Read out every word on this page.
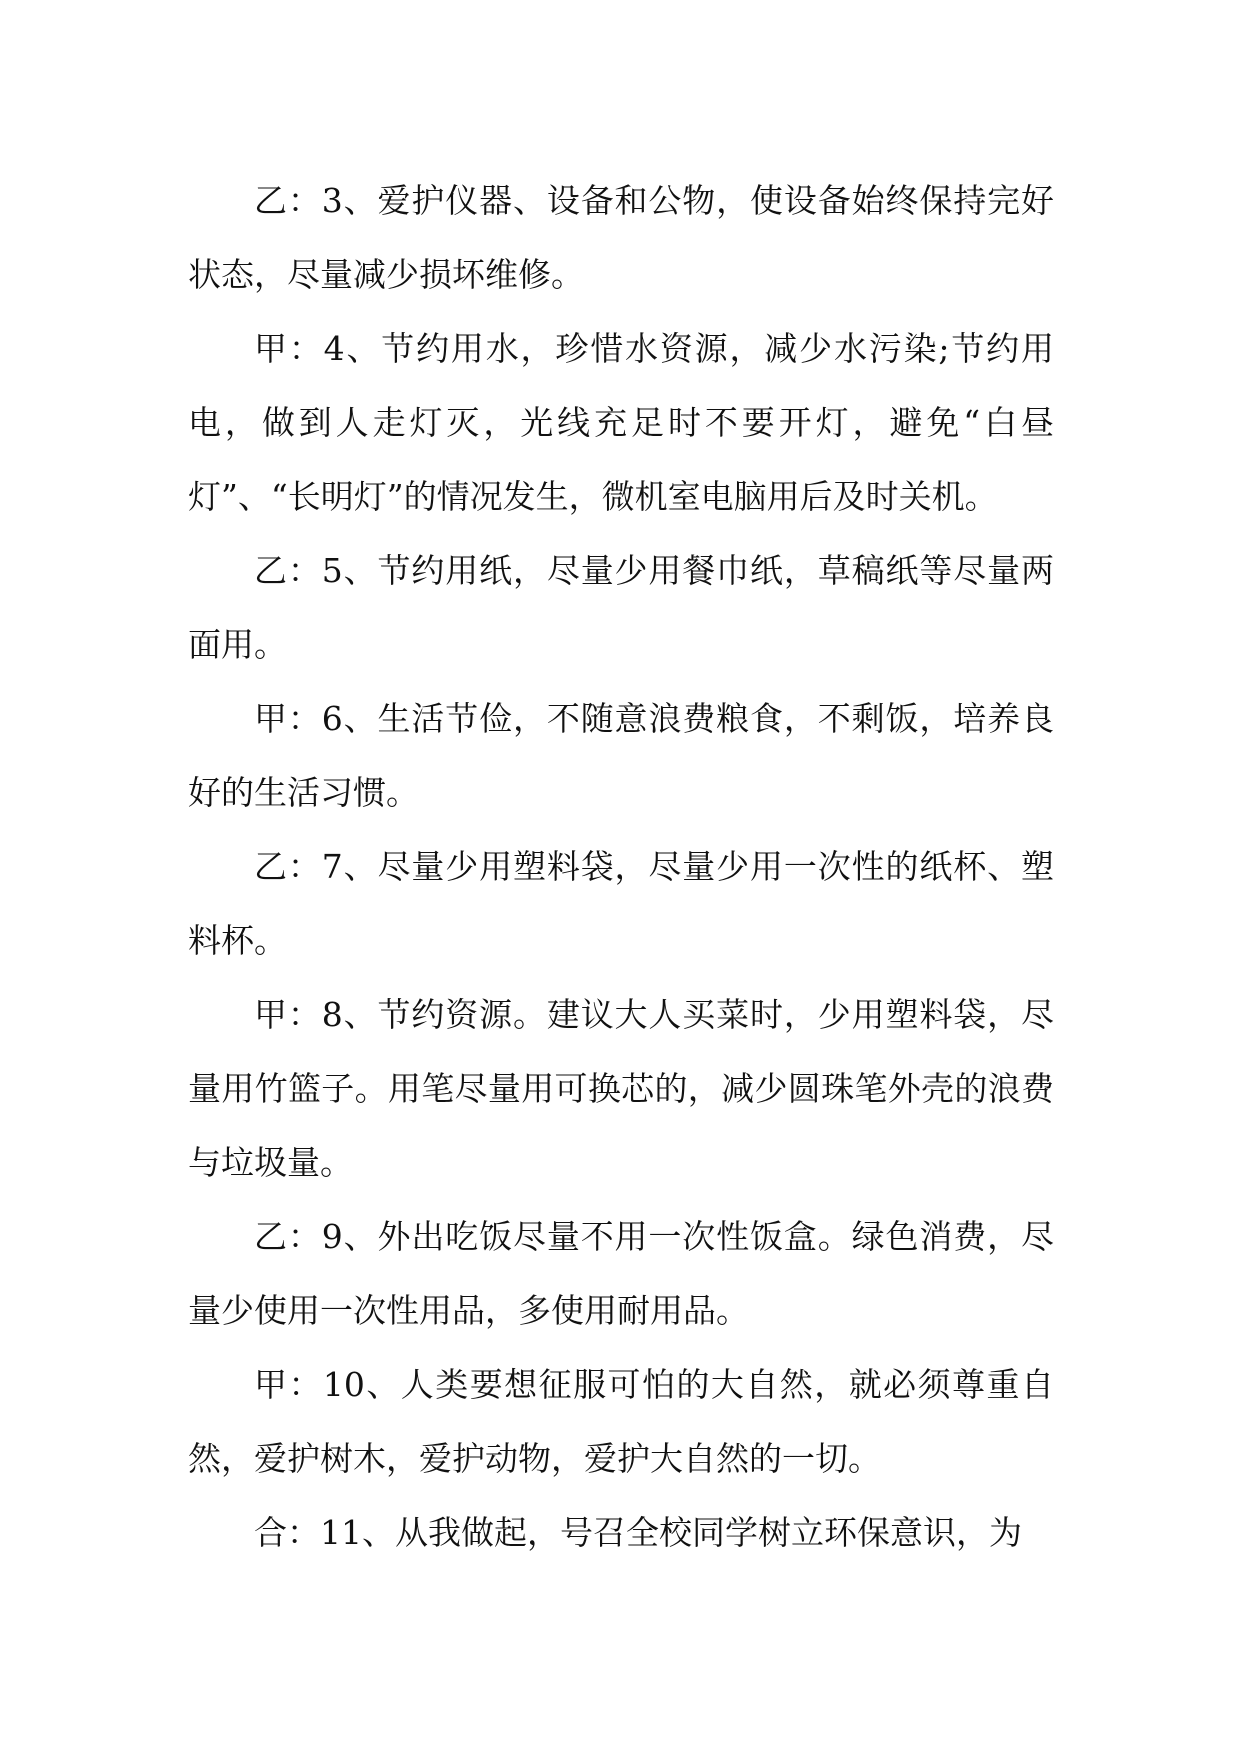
乙：3、爱护仪器、设备和公物，使设备始终保持完好状态，尽量减少损坏维修。

甲：4、节约用水，珍惜水资源，减少水污染;节约用电，做到人走灯灭，光线充足时不要开灯，避免“白昼灯”、“长明灯”的情况发生，微机室电脑用后及时关机。

乙：5、节约用纸，尽量少用餐巾纸，草稿纸等尽量两面用。

甲：6、生活节俭，不随意浪费粮食，不剩饭，培养良好的生活习惯。

乙：7、尽量少用塑料袋，尽量少用一次性的纸杯、塑料杯。

甲：8、节约资源。建议大人买菜时，少用塑料袋，尽量用竹篮子。用笔尽量用可换芯的，减少圆珠笔外壳的浪费与垃圾量。

乙：9、外出吃饭尽量不用一次性饭盒。绿色消费，尽量少使用一次性用品，多使用耐用品。

甲：10、人类要想征服可怕的大自然，就必须尊重自然，爱护树木，爱护动物，爱护大自然的一切。

合：11、从我做起，号召全校同学树立环保意识，为
